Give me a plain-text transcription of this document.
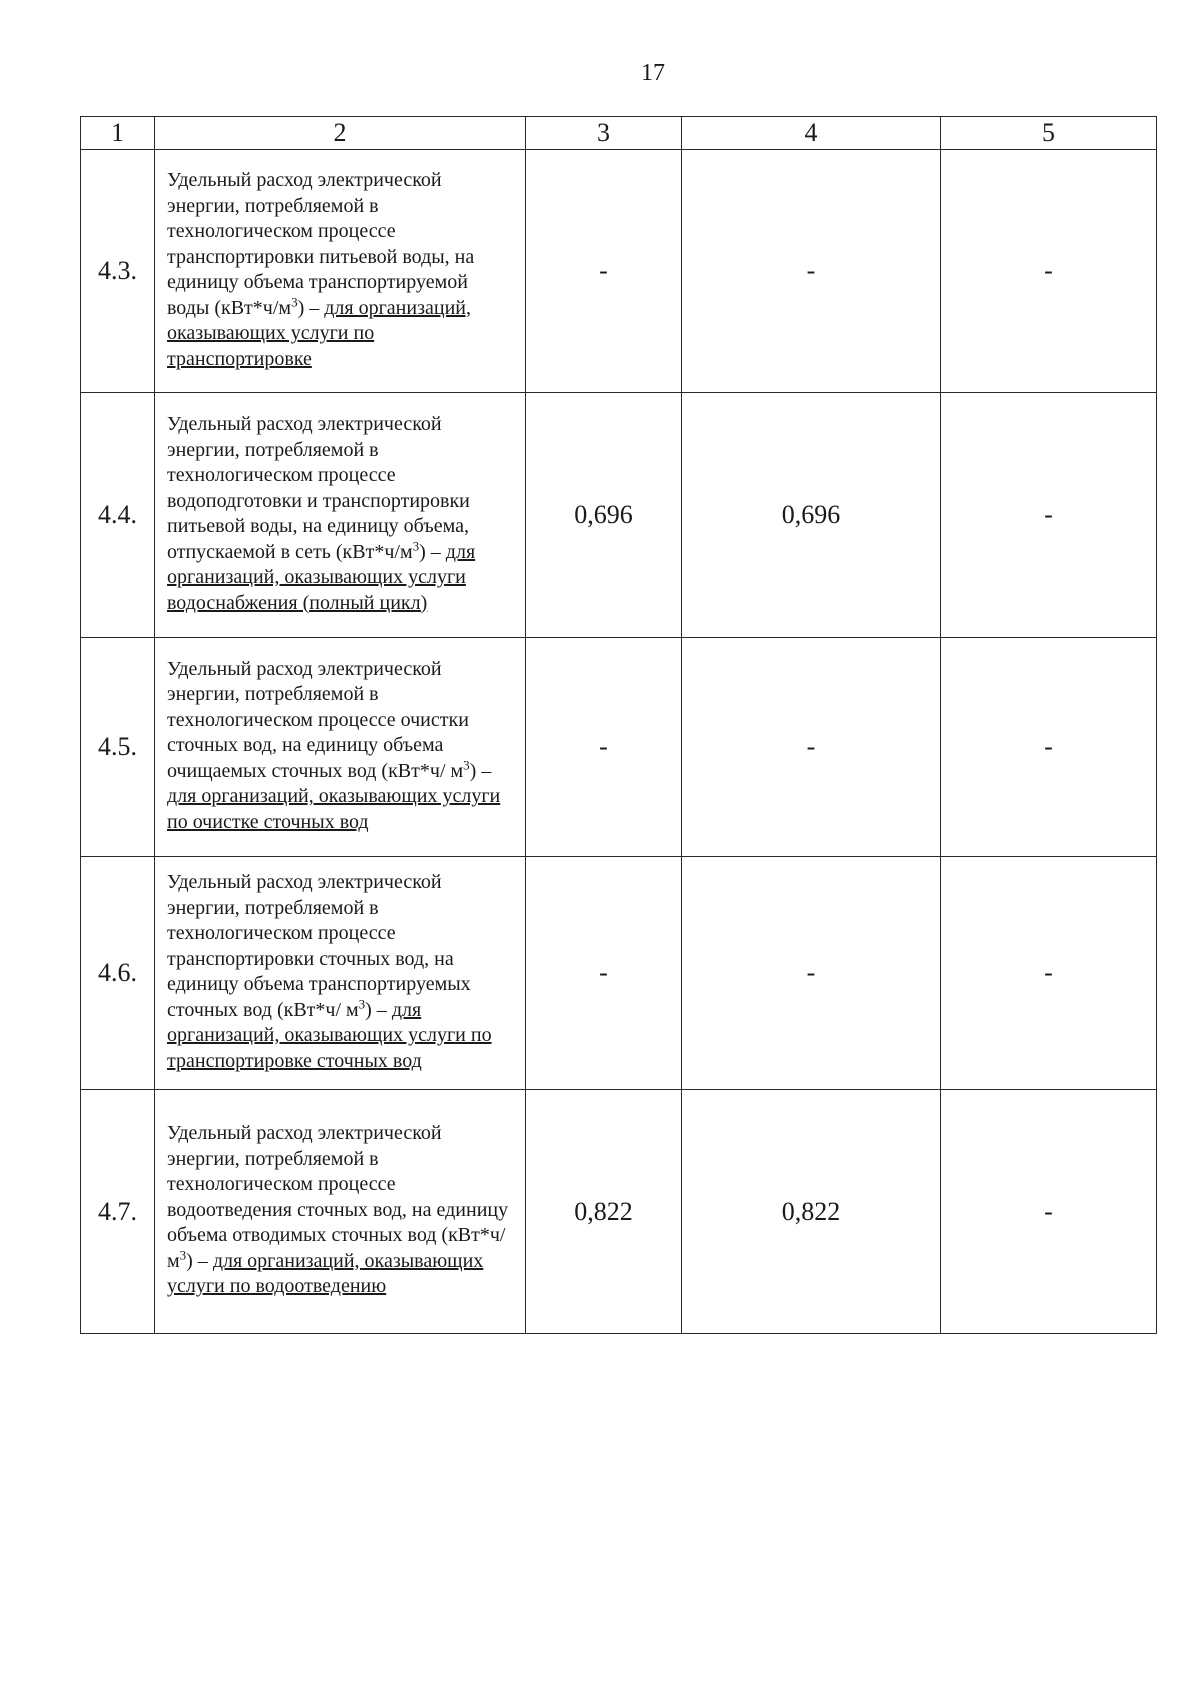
17
1	2	3	4	5
4.3.	Удельный расход электрической энергии, потребляемой в технологическом процессе транспортировки питьевой воды, на единицу объема транспортируемой воды $(кВт*ч/м^3)$ – для организаций, оказывающих услуги по транспортировке	-	-	-
4.4.	Удельный расход электрической энергии, потребляемой в технологическом процессе водоподготовки и транспортировки питьевой воды, на единицу объема, отпускаемой в сеть $(кВт*ч/м^3)$ – для организаций, оказывающих услуги водоснабжения (полный цикл)	0,696	0,696	-
4.5.	Удельный расход электрической энергии, потребляемой в технологическом процессе очистки сточных вод, на единицу объема очищаемых сточных вод (кВт*ч/ $м^3$) – для организаций, оказывающих услуги по очистке сточных вод	-	-	-
4.6.	Удельный расход электрической энергии, потребляемой в технологическом процессе транспортировки сточных вод, на единицу объема транспортируемых сточных вод (кВт*ч/ $м^3$) – для организаций, оказывающих услуги по транспортировке сточных вод	-	-	-
4.7.	Удельный расход электрической энергии, потребляемой в технологическом процессе водоотведения сточных вод, на единицу объема отводимых сточных вод (кВт*ч/ $м^3$) – для организаций, оказывающих услуги по водоотведению	0,822	0,822	-
